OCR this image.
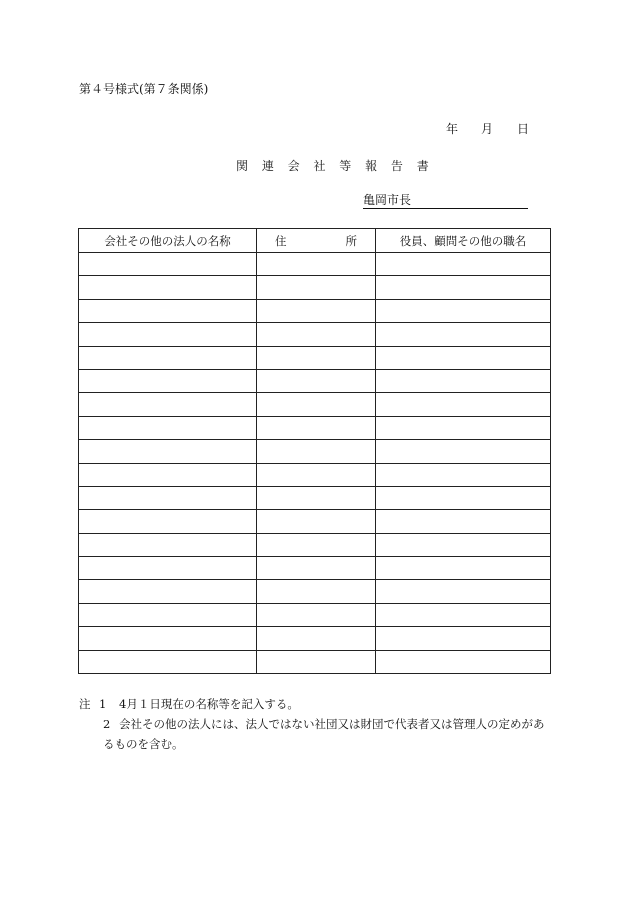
第４号様式(第７条関係)
年 月 日
関 連 会 社 等 報 告 書
亀岡市長
会社その他の法人の名称	住 所	役員、顧問その他の職名

注 1	4月１日現在の名称等を記入する。
2 会社その他の法人には、法人ではない社団又は財団で代表者又は管理人の定めがあ
るものを含む。
